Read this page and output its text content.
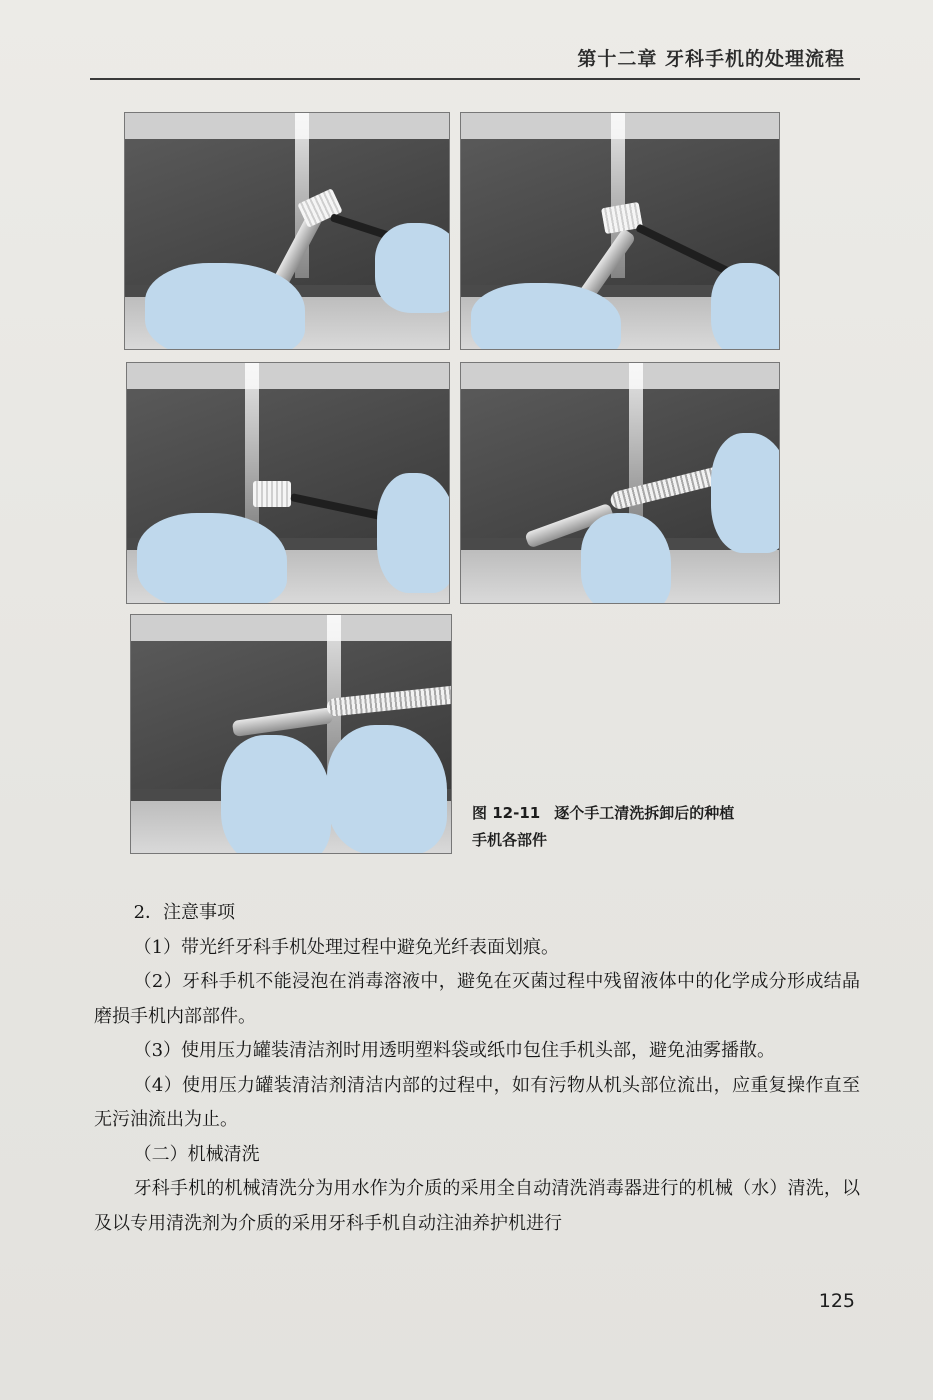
第十二章 牙科手机的处理流程

图 12-11 逐个手工清洗拆卸后的种植
手机各部件

2．注意事项

（1）带光纤牙科手机处理过程中避免光纤表面划痕。

（2）牙科手机不能浸泡在消毒溶液中，避免在灭菌过程中残留液体中的化学成分形成结晶磨损手机内部部件。

（3）使用压力罐装清洁剂时用透明塑料袋或纸巾包住手机头部，避免油雾播散。

（4）使用压力罐装清洁剂清洁内部的过程中，如有污物从机头部位流出，应重复操作直至无污油流出为止。

（二）机械清洗

牙科手机的机械清洗分为用水作为介质的采用全自动清洗消毒器进行的机械（水）清洗，以及以专用清洗剂为介质的采用牙科手机自动注油养护机进行

125
